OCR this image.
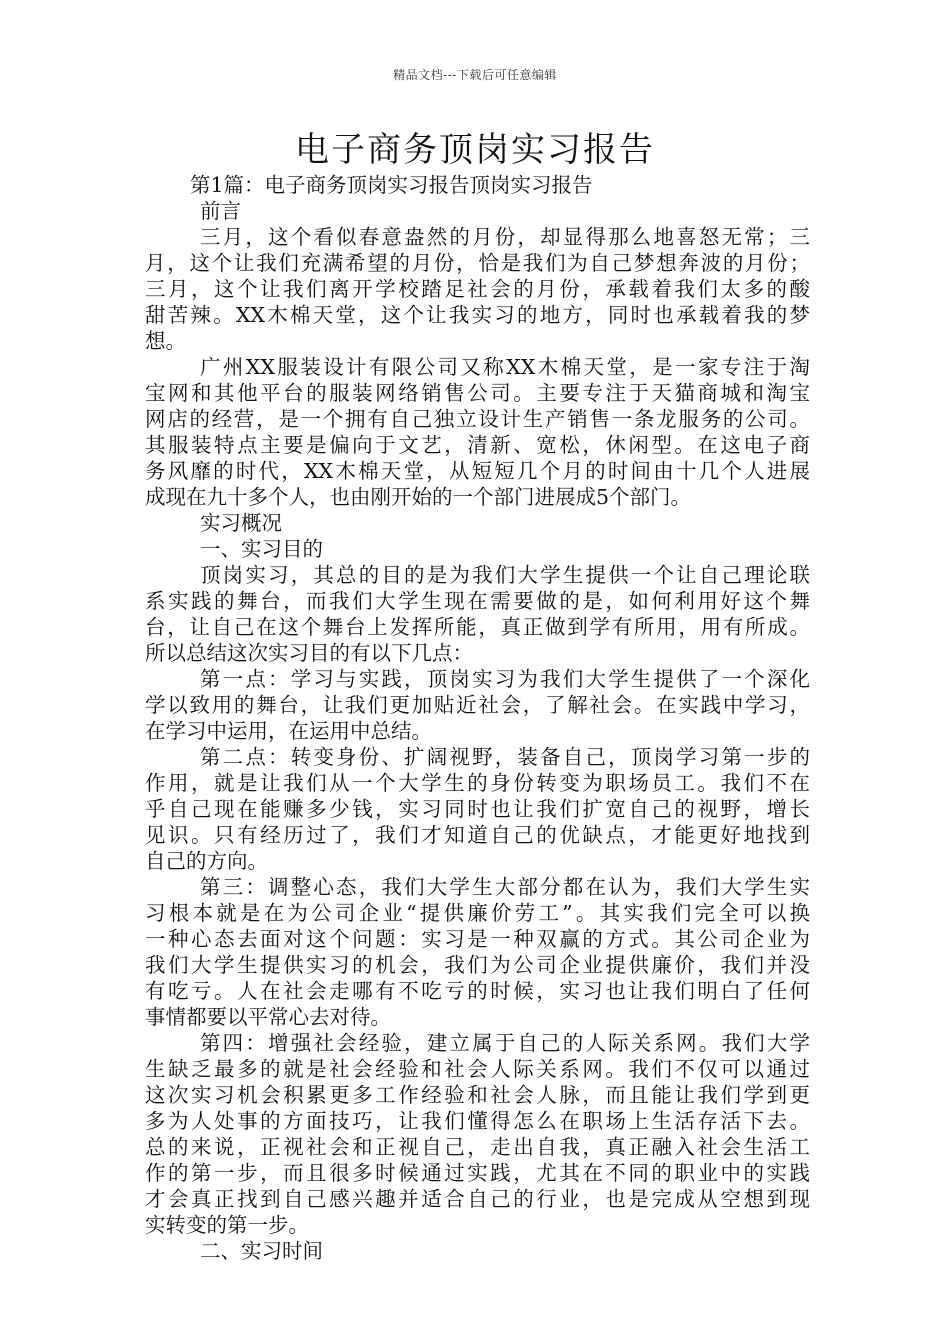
精品文档---下载后可任意编辑
电子商务顶岗实习报告

第1篇：电子商务顶岗实习报告顶岗实习报告

前言

三月，这个看似春意盎然的月份，却显得那么地喜怒无常；三

月，这个让我们充满希望的月份，恰是我们为自己梦想奔波的月份；

三月，这个让我们离开学校踏足社会的月份，承载着我们太多的酸

甜苦辣。XX木棉天堂，这个让我实习的地方，同时也承载着我的梦

想。

广州XX服装设计有限公司又称XX木棉天堂，是一家专注于淘

宝网和其他平台的服装网络销售公司。主要专注于天猫商城和淘宝

网店的经营，是一个拥有自己独立设计生产销售一条龙服务的公司。

其服装特点主要是偏向于文艺，清新、宽松，休闲型。在这电子商

务风靡的时代，XX木棉天堂，从短短几个月的时间由十几个人进展

成现在九十多个人，也由刚开始的一个部门进展成5个部门。

实习概况

一、实习目的

顶岗实习，其总的目的是为我们大学生提供一个让自己理论联

系实践的舞台，而我们大学生现在需要做的是，如何利用好这个舞

台，让自己在这个舞台上发挥所能，真正做到学有所用，用有所成。

所以总结这次实习目的有以下几点：

第一点：学习与实践，顶岗实习为我们大学生提供了一个深化

学以致用的舞台，让我们更加贴近社会，了解社会。在实践中学习，

在学习中运用，在运用中总结。

第二点：转变身份、扩阔视野，装备自己，顶岗学习第一步的

作用，就是让我们从一个大学生的身份转变为职场员工。我们不在

乎自己现在能赚多少钱，实习同时也让我们扩宽自己的视野，增长

见识。只有经历过了，我们才知道自己的优缺点，才能更好地找到

自己的方向。

第三：调整心态，我们大学生大部分都在认为，我们大学生实

习根本就是在为公司企业“提供廉价劳工”。其实我们完全可以换

一种心态去面对这个问题：实习是一种双赢的方式。其公司企业为

我们大学生提供实习的机会，我们为公司企业提供廉价，我们并没

有吃亏。人在社会走哪有不吃亏的时候，实习也让我们明白了任何

事情都要以平常心去对待。

第四：增强社会经验，建立属于自己的人际关系网。我们大学

生缺乏最多的就是社会经验和社会人际关系网。我们不仅可以通过

这次实习机会积累更多工作经验和社会人脉，而且能让我们学到更

多为人处事的方面技巧，让我们懂得怎么在职场上生活存活下去。

总的来说，正视社会和正视自己，走出自我，真正融入社会生活工

作的第一步，而且很多时候通过实践，尤其在不同的职业中的实践

才会真正找到自己感兴趣并适合自己的行业，也是完成从空想到现

实转变的第一步。

二、实习时间
